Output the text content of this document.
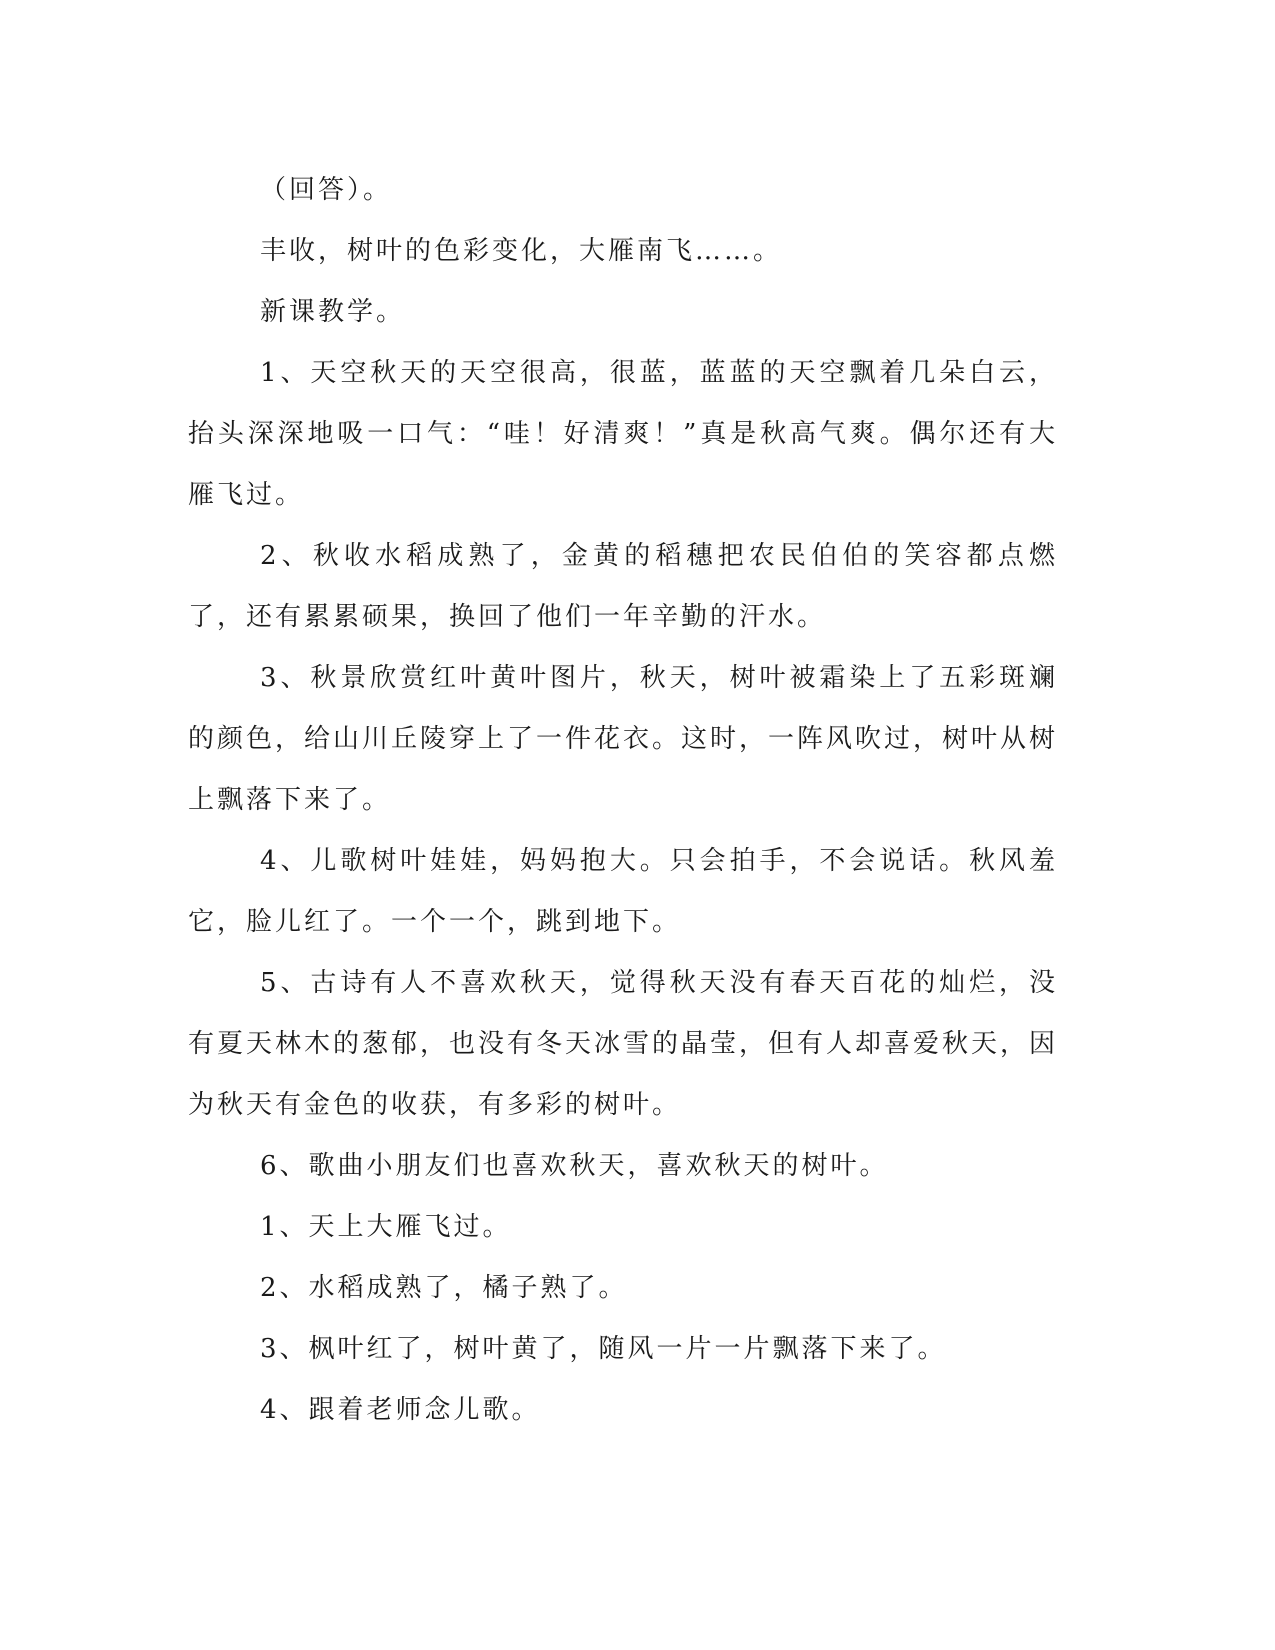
（回答）。

丰收，树叶的色彩变化，大雁南飞……。

新课教学。

1、天空秋天的天空很高，很蓝，蓝蓝的天空飘着几朵白云，抬头深深地吸一口气：“哇！好清爽！”真是秋高气爽。偶尔还有大雁飞过。

2、秋收水稻成熟了，金黄的稻穗把农民伯伯的笑容都点燃了，还有累累硕果，换回了他们一年辛勤的汗水。

3、秋景欣赏红叶黄叶图片，秋天，树叶被霜染上了五彩斑斓的颜色，给山川丘陵穿上了一件花衣。这时，一阵风吹过，树叶从树上飘落下来了。

4、儿歌树叶娃娃，妈妈抱大。只会拍手，不会说话。秋风羞它，脸儿红了。一个一个，跳到地下。

5、古诗有人不喜欢秋天，觉得秋天没有春天百花的灿烂，没有夏天林木的葱郁，也没有冬天冰雪的晶莹，但有人却喜爱秋天，因为秋天有金色的收获，有多彩的树叶。

6、歌曲小朋友们也喜欢秋天，喜欢秋天的树叶。

1、天上大雁飞过。

2、水稻成熟了，橘子熟了。

3、枫叶红了，树叶黄了，随风一片一片飘落下来了。

4、跟着老师念儿歌。
